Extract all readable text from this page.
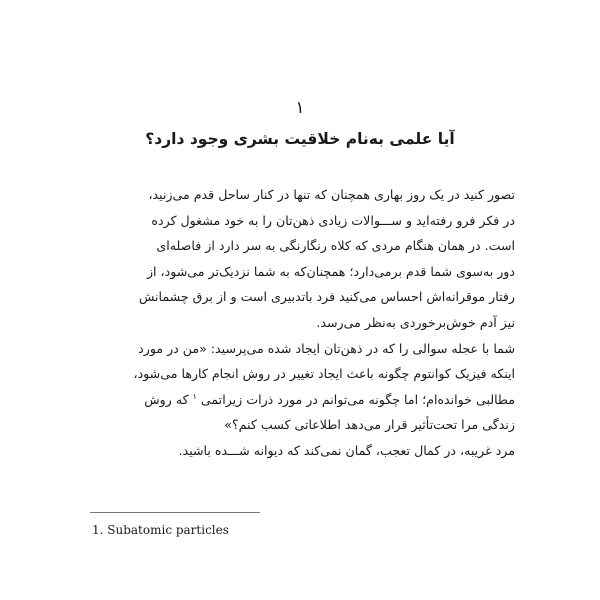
۱
آیا علمی به‌نام خلاقیت بشری وجود دارد؟
تصور کنید در یک روز بهاری همچنان که تنها در کنار ساحل قدم می‌زنید،
در فکر فرو رفته‌اید و ســـوالات زیادی ذهن‌تان را به خود مشغول کرده
است. در همان هنگام مردی که کلاه رنگارنگی به سر دارد از فاصله‌ای
دور به‌سوی شما قدم برمی‌دارد؛ همچنان‌که به شما نزدیک‌تر می‌شود، از
رفتار موقرانه‌اش احساس می‌کنید فرد باتدبیری است و از برق چشمانش
نیز آدم خوش‌برخوردی به‌نظر می‌رسد.
شما با عجله سوالی را که در ذهن‌تان ایجاد شده می‌پرسید: «من در مورد
اینکه فیزیک کوانتوم چگونه باعث ایجاد تغییر در روش انجام کارها می‌شود،
مطالبی خوانده‌ام؛ اما چگونه می‌توانم در مورد ذرات زیراتمی $^۱$ که روش
زندگی مرا تحت‌تأثیر قرار می‌دهد اطلاعاتی کسب کنم؟»
مرد غریبه، در کمال تعجب، گمان نمی‌کند که دیوانه شـــده باشید.
1. Subatomic particles
